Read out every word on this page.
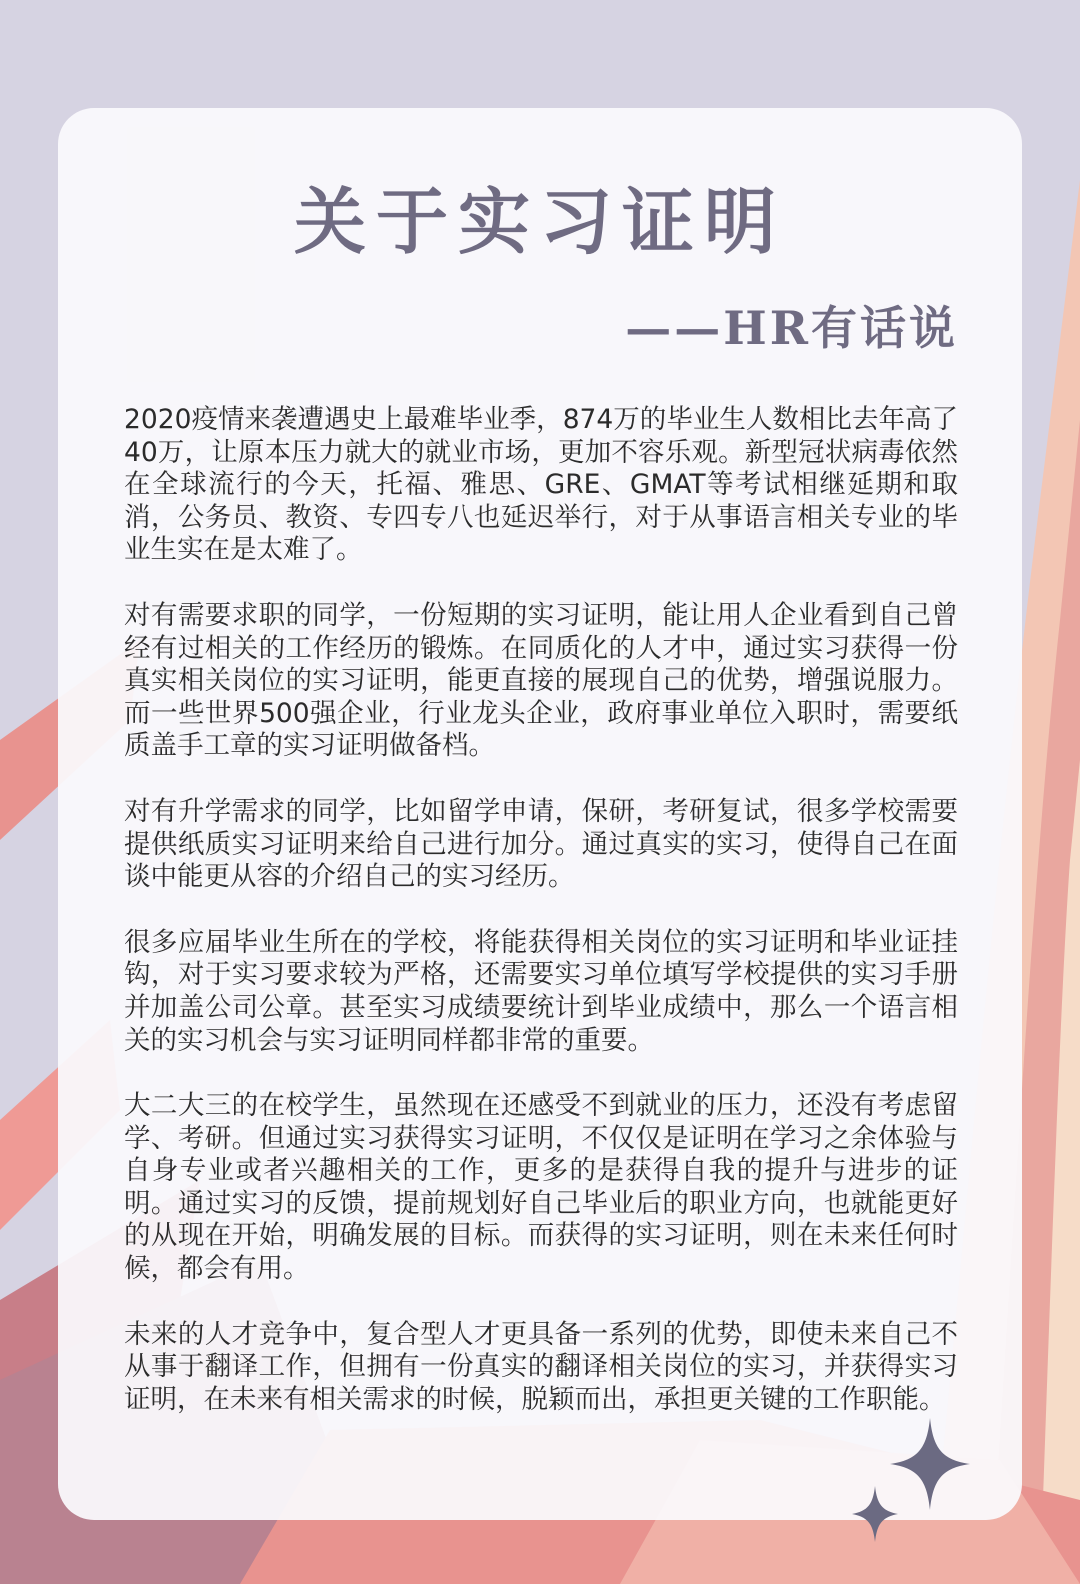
关于实习证明
——HR有话说

2020疫情来袭遭遇史上最难毕业季，874万的毕业生人数相比去年高了40万，让原本压力就大的就业市场，更加不容乐观。新型冠状病毒依然在全球流行的今天，托福、雅思、GRE、GMAT等考试相继延期和取消，公务员、教资、专四专八也延迟举行，对于从事语言相关专业的毕业生实在是太难了。

对有需要求职的同学，一份短期的实习证明，能让用人企业看到自己曾经有过相关的工作经历的锻炼。在同质化的人才中，通过实习获得一份真实相关岗位的实习证明，能更直接的展现自己的优势，增强说服力。而一些世界500强企业，行业龙头企业，政府事业单位入职时，需要纸质盖手工章的实习证明做备档。

对有升学需求的同学，比如留学申请，保研，考研复试，很多学校需要提供纸质实习证明来给自己进行加分。通过真实的实习，使得自己在面谈中能更从容的介绍自己的实习经历。

很多应届毕业生所在的学校，将能获得相关岗位的实习证明和毕业证挂钩，对于实习要求较为严格，还需要实习单位填写学校提供的实习手册并加盖公司公章。甚至实习成绩要统计到毕业成绩中，那么一个语言相关的实习机会与实习证明同样都非常的重要。

大二大三的在校学生，虽然现在还感受不到就业的压力，还没有考虑留学、考研。但通过实习获得实习证明，不仅仅是证明在学习之余体验与自身专业或者兴趣相关的工作，更多的是获得自我的提升与进步的证明。通过实习的反馈，提前规划好自己毕业后的职业方向，也就能更好的从现在开始，明确发展的目标。而获得的实习证明，则在未来任何时候，都会有用。

未来的人才竞争中，复合型人才更具备一系列的优势，即使未来自己不从事于翻译工作，但拥有一份真实的翻译相关岗位的实习，并获得实习证明，在未来有相关需求的时候，脱颖而出，承担更关键的工作职能。
